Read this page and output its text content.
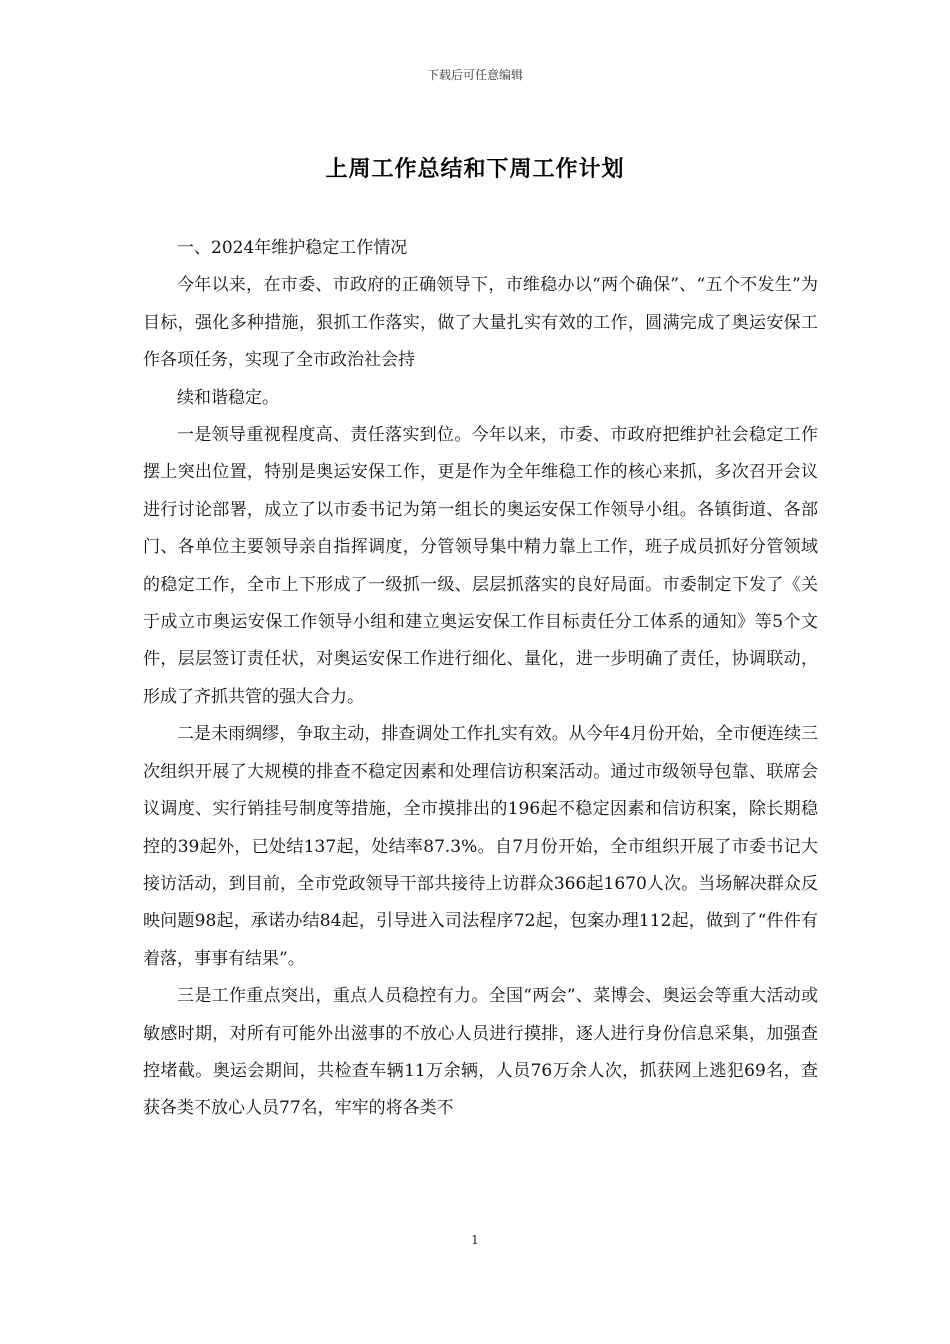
下载后可任意编辑
上周工作总结和下周工作计划

一、2024年维护稳定工作情况

今年以来，在市委、市政府的正确领导下，市维稳办以“两个确保”、“五个不发生”为目标，强化多种措施，狠抓工作落实，做了大量扎实有效的工作，圆满完成了奥运安保工作各项任务，实现了全市政治社会持

续和谐稳定。

一是领导重视程度高、责任落实到位。今年以来，市委、市政府把维护社会稳定工作摆上突出位置，特别是奥运安保工作，更是作为全年维稳工作的核心来抓，多次召开会议进行讨论部署，成立了以市委书记为第一组长的奥运安保工作领导小组。各镇街道、各部门、各单位主要领导亲自指挥调度，分管领导集中精力靠上工作，班子成员抓好分管领域的稳定工作，全市上下形成了一级抓一级、层层抓落实的良好局面。市委制定下发了《关于成立市奥运安保工作领导小组和建立奥运安保工作目标责任分工体系的通知》等5个文件，层层签订责任状，对奥运安保工作进行细化、量化，进一步明确了责任，协调联动，形成了齐抓共管的强大合力。

二是未雨绸缪，争取主动，排查调处工作扎实有效。从今年4月份开始，全市便连续三次组织开展了大规模的排查不稳定因素和处理信访积案活动。通过市级领导包靠、联席会议调度、实行销挂号制度等措施，全市摸排出的196起不稳定因素和信访积案，除长期稳控的39起外，已处结137起，处结率87.3%。自7月份开始，全市组织开展了市委书记大接访活动，到目前，全市党政领导干部共接待上访群众366起1670人次。当场解决群众反映问题98起，承诺办结84起，引导进入司法程序72起，包案办理112起，做到了“件件有着落，事事有结果”。

三是工作重点突出，重点人员稳控有力。全国“两会”、菜博会、奥运会等重大活动或敏感时期，对所有可能外出滋事的不放心人员进行摸排，逐人进行身份信息采集，加强查控堵截。奥运会期间，共检查车辆11万余辆，人员76万余人次，抓获网上逃犯69名，查获各类不放心人员77名，牢牢的将各类不

1
